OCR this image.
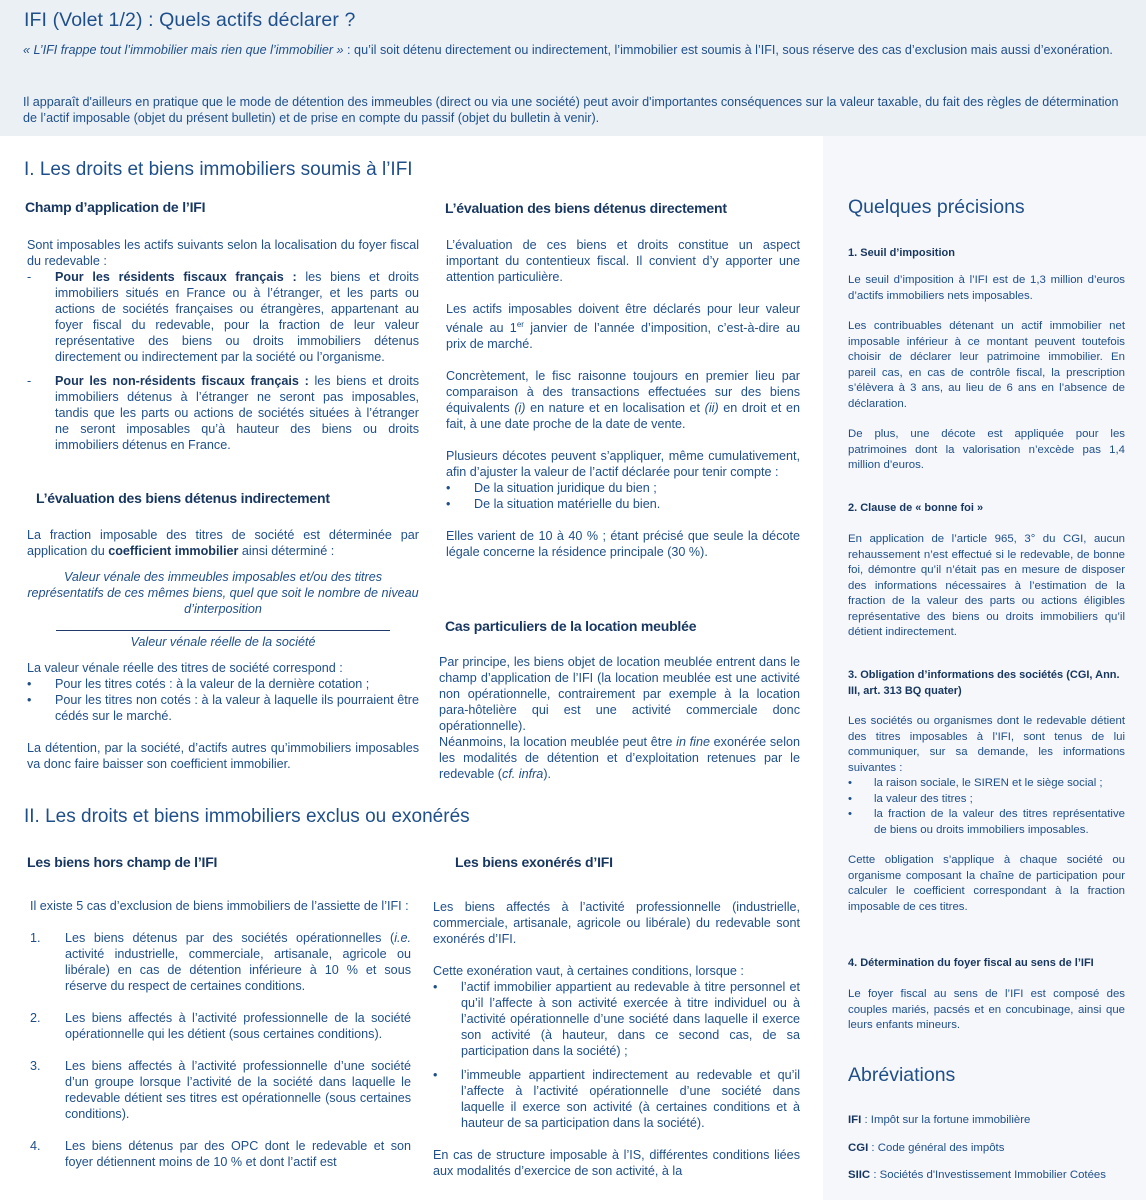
IFI (Volet 1/2) : Quels actifs déclarer ?

« L’IFI frappe tout l’immobilier mais rien que l’immobilier » : qu’il soit détenu directement ou indirectement, l’immobilier est soumis à l’IFI, sous réserve des cas d’exclusion mais aussi d’exonération.

Il apparaît d'ailleurs en pratique que le mode de détention des immeubles (direct ou via une société) peut avoir d'importantes conséquences sur la valeur taxable, du fait des règles de détermination de l’actif imposable (objet du présent bulletin) et de prise en compte du passif (objet du bulletin à venir).

I. Les droits et biens immobiliers soumis à l’IFI
Champ d’application de l’IFI

Sont imposables les actifs suivants selon la localisation du foyer fiscal du redevable :

- Pour les résidents fiscaux français : les biens et droits immobiliers situés en France ou à l’étranger, et les parts ou actions de sociétés françaises ou étrangères, appartenant au foyer fiscal du redevable, pour la fraction de leur valeur représentative des biens ou droits immobiliers détenus directement ou indirectement par la société ou l’organisme.
- Pour les non-résidents fiscaux français : les biens et droits immobiliers détenus à l’étranger ne seront pas imposables, tandis que les parts ou actions de sociétés situées à l’étranger ne seront imposables qu’à hauteur des biens ou droits immobiliers détenus en France.
L’évaluation des biens détenus indirectement

La fraction imposable des titres de société est déterminée par application du coefficient immobilier ainsi déterminé :

Valeur vénale des immeubles imposables et/ou des titres représentatifs de ces mêmes biens, quel que soit le nombre de niveau d’interposition

Valeur vénale réelle de la société

La valeur vénale réelle des titres de société correspond :

• Pour les titres cotés : à la valeur de la dernière cotation ;
• Pour les titres non cotés : à la valeur à laquelle ils pourraient être cédés sur le marché.

La détention, par la société, d’actifs autres qu’immobiliers imposables va donc faire baisser son coefficient immobilier.

L’évaluation des biens détenus directement

L’évaluation de ces biens et droits constitue un aspect important du contentieux fiscal. Il convient d’y apporter une attention particulière.

Les actifs imposables doivent être déclarés pour leur valeur vénale au 1er janvier de l’année d’imposition, c’est-à-dire au prix de marché.

Concrètement, le fisc raisonne toujours en premier lieu par comparaison à des transactions effectuées sur des biens équivalents (i) en nature et en localisation et (ii) en droit et en fait, à une date proche de la date de vente.

Plusieurs décotes peuvent s’appliquer, même cumulativement, afin d’ajuster la valeur de l’actif déclarée pour tenir compte :

• De la situation juridique du bien ;
• De la situation matérielle du bien.

Elles varient de 10 à 40 % ; étant précisé que seule la décote légale concerne la résidence principale (30 %).

Cas particuliers de la location meublée

Par principe, les biens objet de location meublée entrent dans le champ d’application de l’IFI (la location meublée est une activité non opérationnelle, contrairement par exemple à la location para-hôtelière qui est une activité commerciale donc opérationnelle).

Néanmoins, la location meublée peut être in fine exonérée selon les modalités de détention et d’exploitation retenues par le redevable (cf. infra).

II. Les droits et biens immobiliers exclus ou exonérés
Les biens hors champ de l’IFI

Il existe 5 cas d’exclusion de biens immobiliers de l’assiette de l’IFI :

1. Les biens détenus par des sociétés opérationnelles (i.e. activité industrielle, commerciale, artisanale, agricole ou libérale) en cas de détention inférieure à 10 % et sous réserve du respect de certaines conditions.
2. Les biens affectés à l’activité professionnelle de la société opérationnelle qui les détient (sous certaines conditions).
3. Les biens affectés à l’activité professionnelle d’une société d’un groupe lorsque l’activité de la société dans laquelle le redevable détient ses titres est opérationnelle (sous certaines conditions).
4. Les biens détenus par des OPC dont le redevable et son foyer détiennent moins de 10 % et dont l’actif est
Les biens exonérés d’IFI

Les biens affectés à l’activité professionnelle (industrielle, commerciale, artisanale, agricole ou libérale) du redevable sont exonérés d’IFI.

Cette exonération vaut, à certaines conditions, lorsque :

• l’actif immobilier appartient au redevable à titre personnel et qu’il l’affecte à son activité exercée à titre individuel ou à l’activité opérationnelle d’une société dans laquelle il exerce son activité (à hauteur, dans ce second cas, de sa participation dans la société) ;
• l’immeuble appartient indirectement au redevable et qu’il l’affecte à l’activité opérationnelle d’une société dans laquelle il exerce son activité (à certaines conditions et à hauteur de sa participation dans la société).

En cas de structure imposable à l’IS, différentes conditions liées aux modalités d’exercice de son activité, à la

Quelques précisions

1. Seuil d’imposition

Le seuil d’imposition à l’IFI est de 1,3 million d’euros d’actifs immobiliers nets imposables.

Les contribuables détenant un actif immobilier net imposable inférieur à ce montant peuvent toutefois choisir de déclarer leur patrimoine immobilier. En pareil cas, en cas de contrôle fiscal, la prescription s’élèvera à 3 ans, au lieu de 6 ans en l’absence de déclaration.

De plus, une décote est appliquée pour les patrimoines dont la valorisation n’excède pas 1,4 million d’euros.

2. Clause de « bonne foi »

En application de l’article 965, 3° du CGI, aucun rehaussement n’est effectué si le redevable, de bonne foi, démontre qu’il n’était pas en mesure de disposer des informations nécessaires à l’estimation de la fraction de la valeur des parts ou actions éligibles représentative des biens ou droits immobiliers qu’il détient indirectement.

3. Obligation d’informations des sociétés (CGI, Ann. III, art. 313 BQ quater)

Les sociétés ou organismes dont le redevable détient des titres imposables à l’IFI, sont tenus de lui communiquer, sur sa demande, les informations suivantes :

• la raison sociale, le SIREN et le siège social ;
• la valeur des titres ;
• la fraction de la valeur des titres représentative de biens ou droits immobiliers imposables.

Cette obligation s’applique à chaque société ou organisme composant la chaîne de participation pour calculer le coefficient correspondant à la fraction imposable de ces titres.

4. Détermination du foyer fiscal au sens de l’IFI

Le foyer fiscal au sens de l’IFI est composé des couples mariés, pacsés et en concubinage, ainsi que leurs enfants mineurs.

Abréviations

IFI : Impôt sur la fortune immobilière

CGI : Code général des impôts

SIIC : Sociétés d'Investissement Immobilier Cotées
